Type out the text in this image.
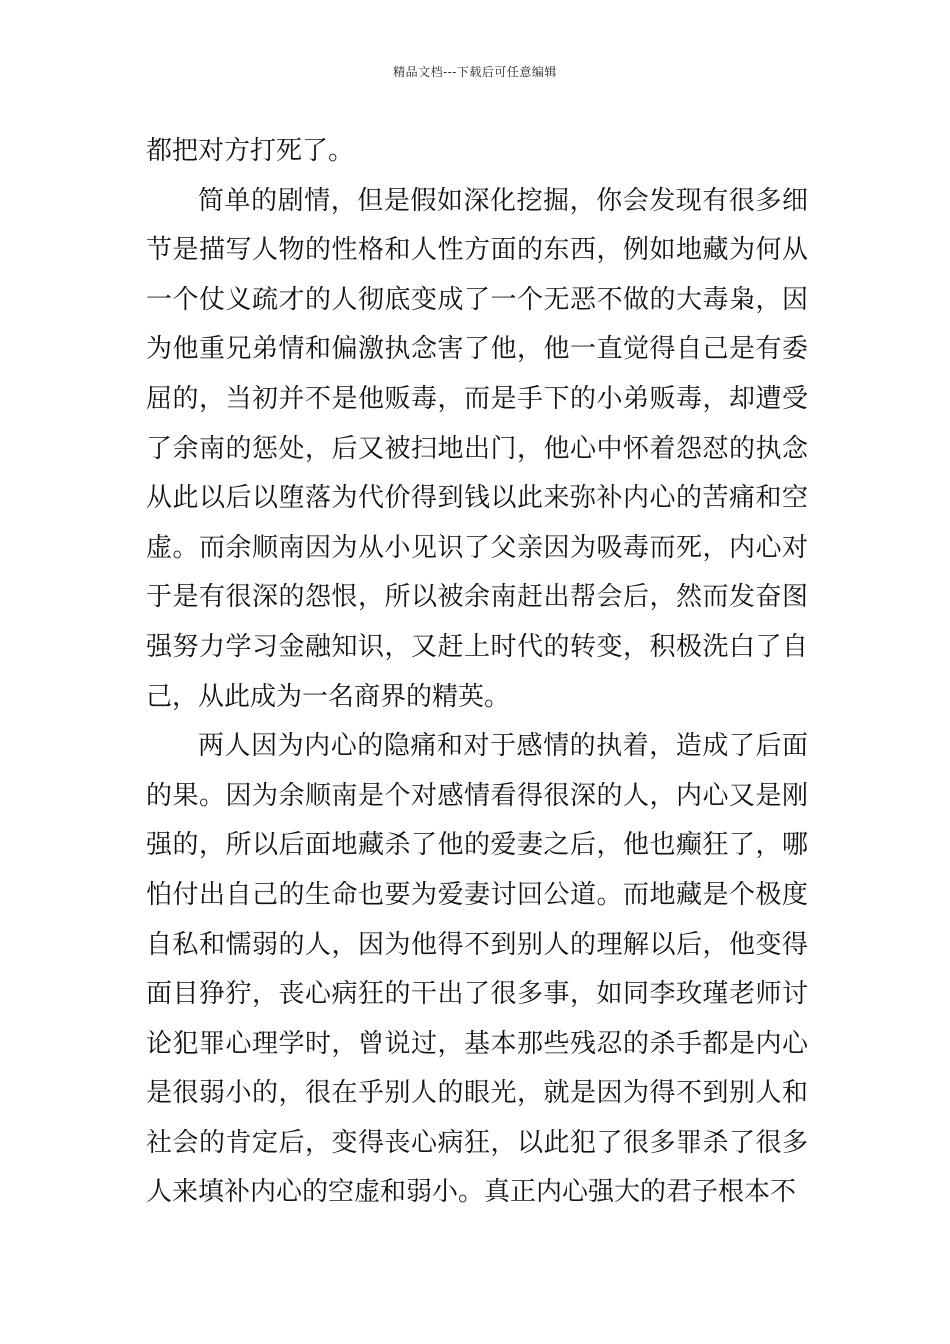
精品文档---下载后可任意编辑

都把对方打死了。

简单的剧情，但是假如深化挖掘，你会发现有很多细节是描写人物的性格和人性方面的东西，例如地藏为何从一个仗义疏才的人彻底变成了一个无恶不做的大毒枭，因为他重兄弟情和偏激执念害了他，他一直觉得自己是有委屈的，当初并不是他贩毒，而是手下的小弟贩毒，却遭受了余南的惩处，后又被扫地出门，他心中怀着怨怼的执念从此以后以堕落为代价得到钱以此来弥补内心的苦痛和空虚。而余顺南因为从小见识了父亲因为吸毒而死，内心对于是有很深的怨恨，所以被余南赶出帮会后，然而发奋图强努力学习金融知识，又赶上时代的转变，积极洗白了自己，从此成为一名商界的精英。

两人因为内心的隐痛和对于感情的执着，造成了后面的果。因为余顺南是个对感情看得很深的人，内心又是刚强的，所以后面地藏杀了他的爱妻之后，他也癫狂了，哪怕付出自己的生命也要为爱妻讨回公道。而地藏是个极度自私和懦弱的人，因为他得不到别人的理解以后，他变得面目狰狞，丧心病狂的干出了很多事，如同李玫瑾老师讨论犯罪心理学时，曾说过，基本那些残忍的杀手都是内心是很弱小的，很在乎别人的眼光，就是因为得不到别人和社会的肯定后，变得丧心病狂，以此犯了很多罪杀了很多人来填补内心的空虚和弱小。真正内心强大的君子根本不
